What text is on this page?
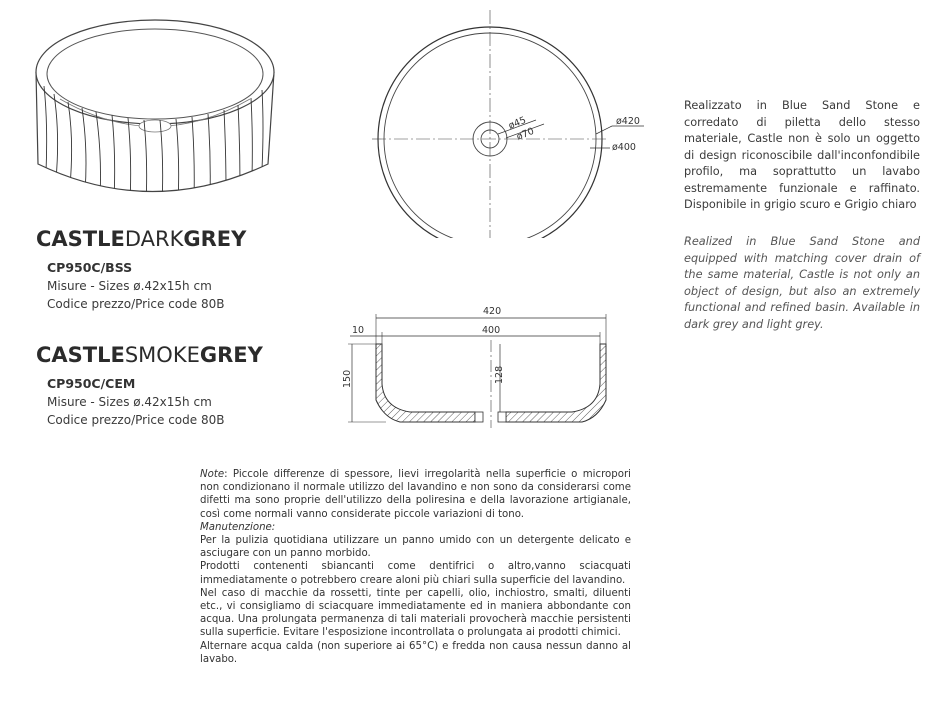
CASTLEDARKGREY
CP950C/BSS
Misure - Sizes ø.42x15h cm
Codice prezzo/Price code 80B
CASTLESMOKEGREY
CP950C/CEM
Misure - Sizes ø.42x15h cm
Codice prezzo/Price code 80B
ø45
ø70
ø420
ø400
420
400
10
150	128
Realizzato in Blue Sand Stone e corredato di piletta dello stesso materiale, Castle non è solo un oggetto di design riconoscibile dall'inconfondibile profilo, ma soprattutto un lavabo estremamente funzionale e raffinato. Disponibile in grigio scuro e Grigio chiaro
Realized in Blue Sand Stone and equipped with matching cover drain of the same material, Castle is not only an object of design, but also an extremely functional and refined basin. Available in dark grey and light grey.
Note: Piccole differenze di spessore, lievi irregolarità nella superficie o micropori non condizionano il normale utilizzo del lavandino e non sono da considerarsi come difetti ma sono proprie dell'utilizzo della poliresina e della lavorazione artigianale, così come normali vanno considerate piccole variazioni di tono.
Manutenzione:
Per la pulizia quotidiana utilizzare un panno umido con un detergente delicato e asciugare con un panno morbido.
Prodotti contenenti sbiancanti come dentifrici o altro,vanno sciacquati immediatamente o potrebbero creare aloni più chiari sulla superficie del lavandino.
Nel caso di macchie da rossetti, tinte per capelli, olio, inchiostro, smalti, diluenti etc., vi consigliamo di sciacquare immediatamente ed in maniera abbondante con acqua. Una prolungata permanenza di tali materiali provocherà macchie persistenti sulla superficie. Evitare l'esposizione incontrollata o prolungata ai prodotti chimici.
Alternare acqua calda (non superiore ai 65°C) e fredda non causa nessun danno al lavabo.
